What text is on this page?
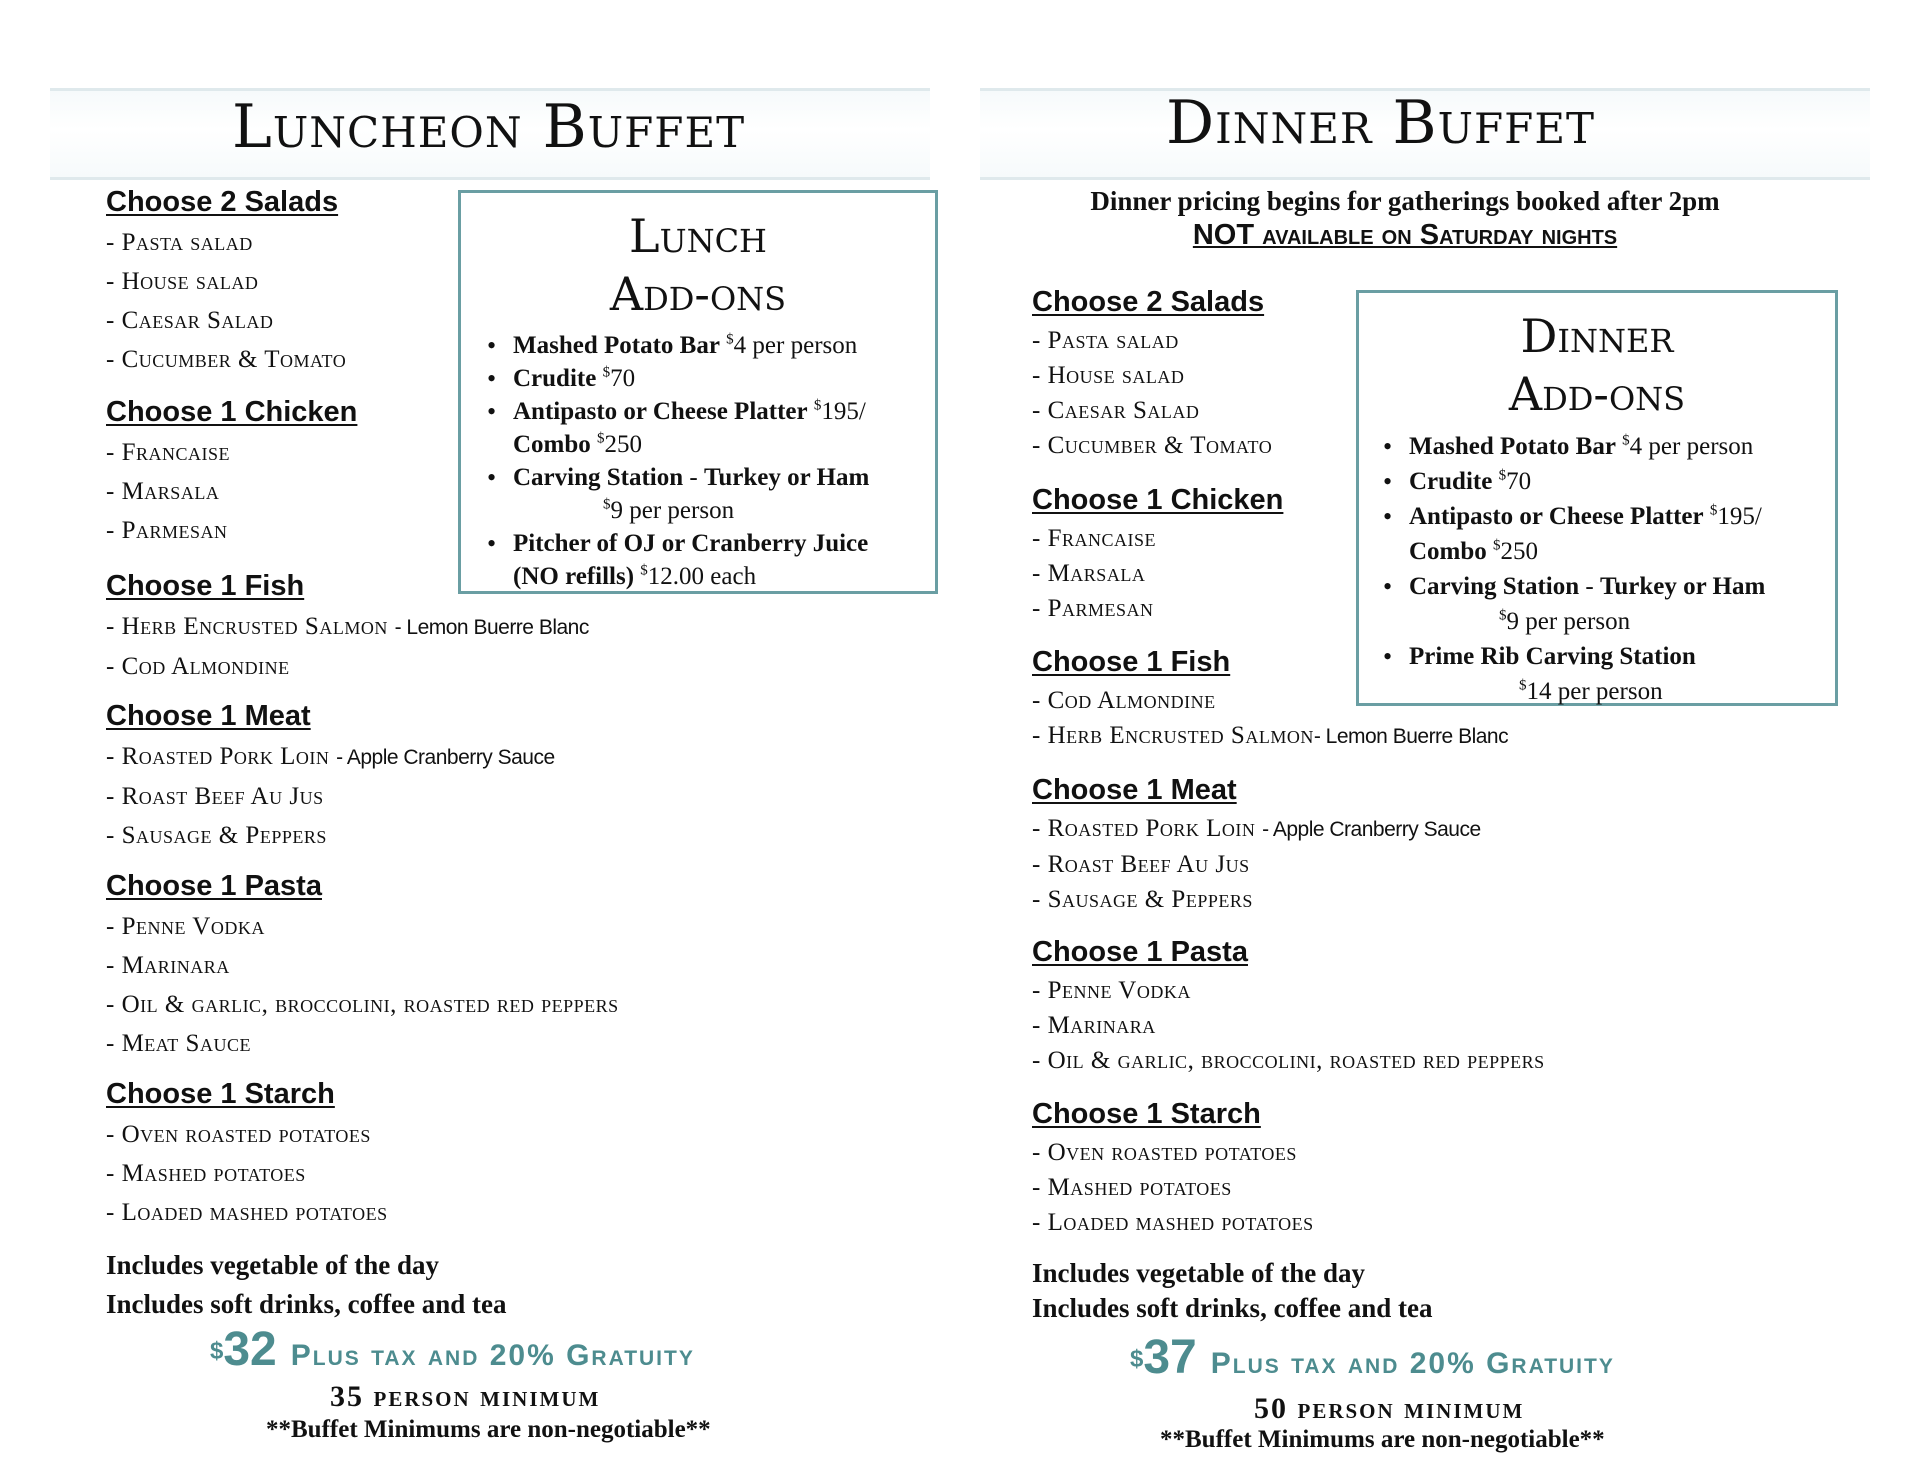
Luncheon Buffet
Choose 2 Salads
- Pasta salad
- House salad
- Caesar Salad
- Cucumber & Tomato
Choose 1 Chicken
- Francaise
- Marsala
- Parmesan
Choose 1 Fish
- Herb Encrusted Salmon - Lemon Buerre Blanc
- Cod Almondine
Choose 1 Meat
- Roasted Pork Loin - Apple Cranberry Sauce
- Roast Beef Au Jus
- Sausage & Peppers
Choose 1 Pasta
- Penne Vodka
- Marinara
- Oil & garlic, broccolini, roasted red peppers
- Meat Sauce
Choose 1 Starch
- Oven roasted potatoes
- Mashed potatoes
- Loaded mashed potatoes
Includes vegetable of the day
Includes soft drinks, coffee and tea
$32 Plus tax and 20% Gratuity
35 person minimum
**Buffet Minimums are non-negotiable**
Lunch
Add-ons
• Mashed Potato Bar $4 per person
• Crudite $70
• Antipasto or Cheese Platter $195/
Combo $250
• Carving Station - Turkey or Ham
$9 per person
• Pitcher of OJ or Cranberry Juice
(NO refills) $12.00 each
Dinner Buffet
Dinner pricing begins for gatherings booked after 2pm
NOT available on Saturday nights
Choose 2 Salads
- Pasta salad
- House salad
- Caesar Salad
- Cucumber & Tomato
Choose 1 Chicken
- Francaise
- Marsala
- Parmesan
Choose 1 Fish
- Cod Almondine
- Herb Encrusted Salmon- Lemon Buerre Blanc
Choose 1 Meat
- Roasted Pork Loin - Apple Cranberry Sauce
- Roast Beef Au Jus
- Sausage & Peppers
Choose 1 Pasta
- Penne Vodka
- Marinara
- Oil & garlic, broccolini, roasted red peppers
Choose 1 Starch
- Oven roasted potatoes
- Mashed potatoes
- Loaded mashed potatoes
Includes vegetable of the day
Includes soft drinks, coffee and tea
$37 Plus tax and 20% Gratuity
50 person minimum
**Buffet Minimums are non-negotiable**
Dinner
Add-ons
• Mashed Potato Bar $4 per person
• Crudite $70
• Antipasto or Cheese Platter $195/
Combo $250
• Carving Station - Turkey or Ham
$9 per person
• Prime Rib Carving Station
$14 per person
